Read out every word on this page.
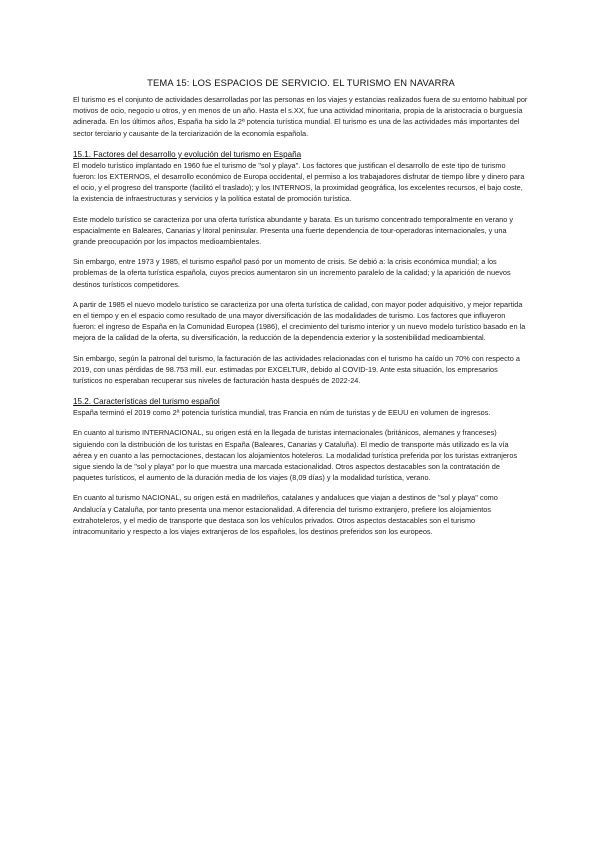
TEMA 15: LOS ESPACIOS DE SERVICIO. EL TURISMO EN NAVARRA

El turismo es el conjunto de actividades desarrolladas por las personas en los viajes y estancias realizados fuera de su entorno habitual por motivos de ocio, negocio u otros, y en menos de un año. Hasta el s.XX, fue una actividad minoritaria, propia de la aristocracia o burguesía adinerada. En los últimos años, España ha sido la 2ª potencia turística mundial. El turismo es una de las actividades más importantes del sector terciario y causante de la terciarización de la economía española.

15.1. Factores del desarrollo y evolución del turismo en España

El modelo turístico implantado en 1960 fue el turismo de "sol y playa". Los factores que justifican el desarrollo de este tipo de turismo fueron: los EXTERNOS, el desarrollo económico de Europa occidental, el permiso a los trabajadores disfrutar de tiempo libre y dinero para el ocio, y el progreso del transporte (facilitó el traslado); y los INTERNOS, la proximidad geográfica, los excelentes recursos, el bajo coste, la existencia de infraestructuras y servicios y la política estatal de promoción turística.

Este modelo turístico se caracteriza por una oferta turística abundante y barata. Es un turismo concentrado temporalmente en verano y espacialmente en Baleares, Canarias y litoral peninsular. Presenta una fuerte dependencia de tour-operadoras internacionales, y una grande preocupación por los impactos medioambientales.

Sin embargo, entre 1973 y 1985, el turismo español pasó por un momento de crisis. Se debió a: la crisis económica mundial; a los problemas de la oferta turística española, cuyos precios aumentaron sin un incremento paralelo de la calidad; y la aparición de nuevos destinos turísticos competidores.

A partir de 1985 el nuevo modelo turístico se caracteriza por una oferta turística de calidad, con mayor poder adquisitivo, y mejor repartida en el tiempo y en el espacio como resultado de una mayor diversificación de las modalidades de turismo. Los factores que influyeron fueron: el ingreso de España en la Comunidad Europea (1986), el crecimiento del turismo interior y un nuevo modelo turístico basado en la mejora de la calidad de la oferta, su diversificación, la reducción de la dependencia exterior y la sostenibilidad medioambiental.

Sin embargo, según la patronal del turismo, la facturación de las actividades relacionadas con el turismo ha caído un 70% con respecto a 2019, con unas pérdidas de 98.753 mill. eur. estimadas por EXCELTUR, debido al COVID-19. Ante esta situación, los empresarios turísticos no esperaban recuperar sus niveles de facturación hasta después de 2022-24.

15.2. Características del turismo español

España terminó el 2019 como 2ª potencia turística mundial, tras Francia en núm de turistas y de EEUU en volumen de ingresos.

En cuanto al turismo INTERNACIONAL, su origen está en la llegada de turistas internacionales (británicos, alemanes y franceses) siguiendo con la distribución de los turistas en España (Baleares, Canarias y Cataluña). El medio de transporte más utilizado es la vía aérea y en cuanto a las pernoctaciones, destacan los alojamientos hoteleros. La modalidad turística preferida por los turistas extranjeros sigue siendo la de "sol y playa" por lo que muestra una marcada estacionalidad. Otros aspectos destacables son la contratación de paquetes turísticos, el aumento de la duración media de los viajes (8,09 días) y la modalidad turística, verano.

En cuanto al turismo NACIONAL, su origen está en madrileños, catalanes y andaluces que viajan a destinos de "sol y playa" como Andalucía y Cataluña, por tanto presenta una menor estacionalidad. A diferencia del turismo extranjero, prefiere los alojamientos extrahoteleros, y el medio de transporte que destaca son los vehículos privados. Otros aspectos destacables son el turismo intracomunitario y respecto a los viajes extranjeros de los españoles, los destinos preferidos son los europeos.
